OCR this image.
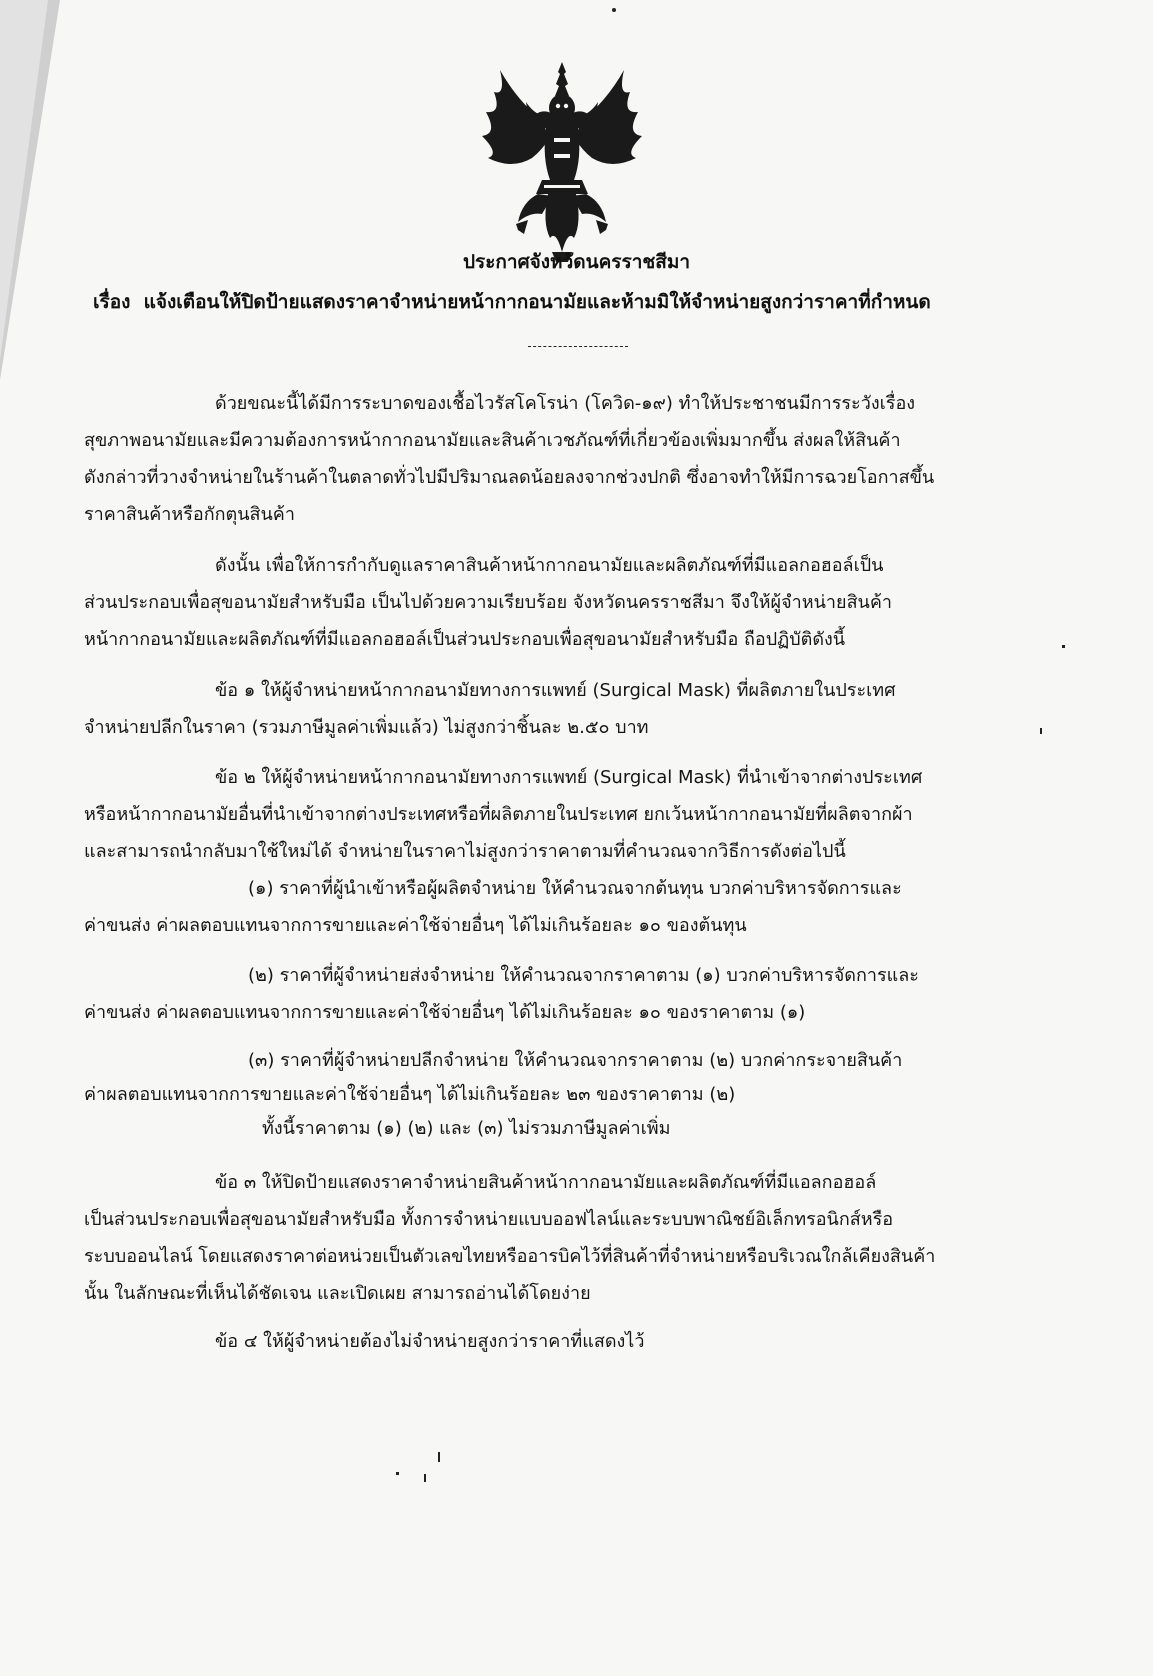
ประกาศจังหวัดนครราชสีมา
เรื่อง แจ้งเตือนให้ปิดป้ายแสดงราคาจำหน่ายหน้ากากอนามัยและห้ามมิให้จำหน่ายสูงกว่าราคาที่กำหนด
ด้วยขณะนี้ได้มีการระบาดของเชื้อไวรัสโคโรน่า (โควิด-๑๙) ทำให้ประชาชนมีการระวังเรื่อง
สุขภาพอนามัยและมีความต้องการหน้ากากอนามัยและสินค้าเวชภัณฑ์ที่เกี่ยวข้องเพิ่มมากขึ้น ส่งผลให้สินค้า
ดังกล่าวที่วางจำหน่ายในร้านค้าในตลาดทั่วไปมีปริมาณลดน้อยลงจากช่วงปกติ ซึ่งอาจทำให้มีการฉวยโอกาสขึ้น
ราคาสินค้าหรือกักตุนสินค้า
ดังนั้น เพื่อให้การกำกับดูแลราคาสินค้าหน้ากากอนามัยและผลิตภัณฑ์ที่มีแอลกอฮอล์เป็น
ส่วนประกอบเพื่อสุขอนามัยสำหรับมือ เป็นไปด้วยความเรียบร้อย จังหวัดนครราชสีมา จึงให้ผู้จำหน่ายสินค้า
หน้ากากอนามัยและผลิตภัณฑ์ที่มีแอลกอฮอล์เป็นส่วนประกอบเพื่อสุขอนามัยสำหรับมือ ถือปฏิบัติดังนี้
ข้อ ๑ ให้ผู้จำหน่ายหน้ากากอนามัยทางการแพทย์ (Surgical Mask) ที่ผลิตภายในประเทศ
จำหน่ายปลีกในราคา (รวมภาษีมูลค่าเพิ่มแล้ว) ไม่สูงกว่าชิ้นละ ๒.๕๐ บาท
ข้อ ๒ ให้ผู้จำหน่ายหน้ากากอนามัยทางการแพทย์ (Surgical Mask) ที่นำเข้าจากต่างประเทศ
หรือหน้ากากอนามัยอื่นที่นำเข้าจากต่างประเทศหรือที่ผลิตภายในประเทศ ยกเว้นหน้ากากอนามัยที่ผลิตจากผ้า
และสามารถนำกลับมาใช้ใหม่ได้ จำหน่ายในราคาไม่สูงกว่าราคาตามที่คำนวณจากวิธีการดังต่อไปนี้
(๑) ราคาที่ผู้นำเข้าหรือผู้ผลิตจำหน่าย ให้คำนวณจากต้นทุน บวกค่าบริหารจัดการและ
ค่าขนส่ง ค่าผลตอบแทนจากการขายและค่าใช้จ่ายอื่นๆ ได้ไม่เกินร้อยละ ๑๐ ของต้นทุน
(๒) ราคาที่ผู้จำหน่ายส่งจำหน่าย ให้คำนวณจากราคาตาม (๑) บวกค่าบริหารจัดการและ
ค่าขนส่ง ค่าผลตอบแทนจากการขายและค่าใช้จ่ายอื่นๆ ได้ไม่เกินร้อยละ ๑๐ ของราคาตาม (๑)
(๓) ราคาที่ผู้จำหน่ายปลีกจำหน่าย ให้คำนวณจากราคาตาม (๒) บวกค่ากระจายสินค้า
ค่าผลตอบแทนจากการขายและค่าใช้จ่ายอื่นๆ ได้ไม่เกินร้อยละ ๒๓ ของราคาตาม (๒)
ทั้งนี้ราคาตาม (๑) (๒) และ (๓) ไม่รวมภาษีมูลค่าเพิ่ม
ข้อ ๓ ให้ปิดป้ายแสดงราคาจำหน่ายสินค้าหน้ากากอนามัยและผลิตภัณฑ์ที่มีแอลกอฮอล์
เป็นส่วนประกอบเพื่อสุขอนามัยสำหรับมือ ทั้งการจำหน่ายแบบออฟไลน์และระบบพาณิชย์อิเล็กทรอนิกส์หรือ
ระบบออนไลน์ โดยแสดงราคาต่อหน่วยเป็นตัวเลขไทยหรืออารบิคไว้ที่สินค้าที่จำหน่ายหรือบริเวณใกล้เคียงสินค้า
นั้น ในลักษณะที่เห็นได้ชัดเจน และเปิดเผย สามารถอ่านได้โดยง่าย
ข้อ ๔ ให้ผู้จำหน่ายต้องไม่จำหน่ายสูงกว่าราคาที่แสดงไว้
